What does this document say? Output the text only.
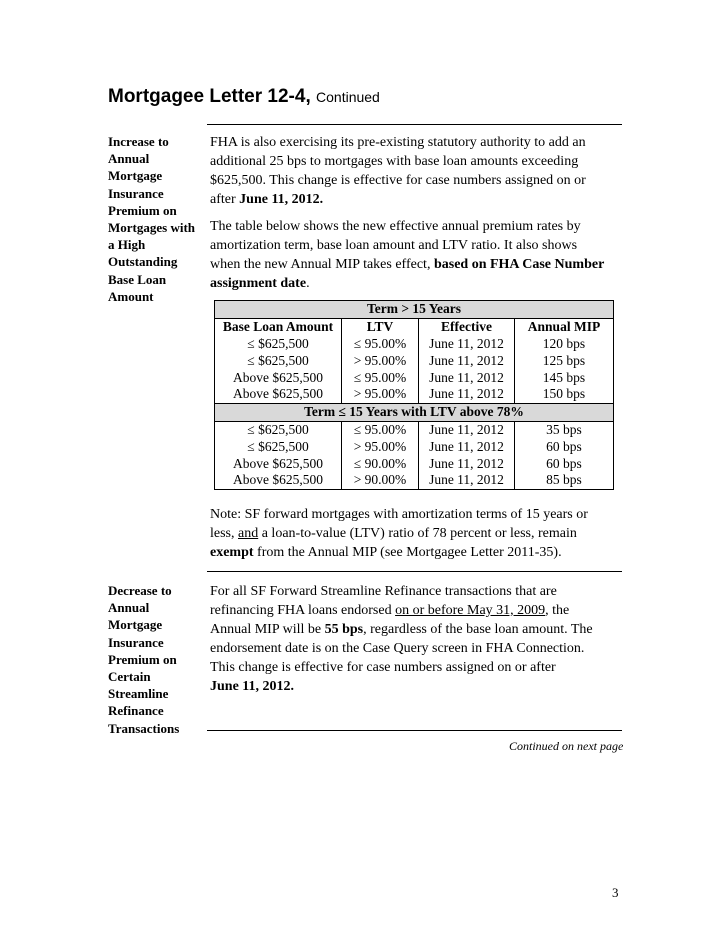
Mortgagee Letter 12-4, Continued
Increase to
Annual
Mortgage
Insurance
Premium on
Mortgages with
a High
Outstanding
Base Loan
Amount
FHA is also exercising its pre-existing statutory authority to add an
additional 25 bps to mortgages with base loan amounts exceeding
$625,500. This change is effective for case numbers assigned on or
after June 11, 2012.
The table below shows the new effective annual premium rates by
amortization term, base loan amount and LTV ratio. It also shows
when the new Annual MIP takes effect, based on FHA Case Number
assignment date.
Term > 15 Years			
Base Loan Amount	LTV	Effective	Annual MIP
≤ $625,500	≤ 95.00%	June 11, 2012	120 bps
≤ $625,500	> 95.00%	June 11, 2012	125 bps
Above $625,500	≤ 95.00%	June 11, 2012	145 bps
Above $625,500	> 95.00%	June 11, 2012	150 bps
Term ≤ 15 Years with LTV above 78%			
≤ $625,500	≤ 95.00%	June 11, 2012	35 bps
≤ $625,500	> 95.00%	June 11, 2012	60 bps
Above $625,500	≤ 90.00%	June 11, 2012	60 bps
Above $625,500	> 90.00%	June 11, 2012	85 bps
Note: SF forward mortgages with amortization terms of 15 years or
less, and a loan-to-value (LTV) ratio of 78 percent or less, remain
exempt from the Annual MIP (see Mortgagee Letter 2011-35).
Decrease to
Annual
Mortgage
Insurance
Premium on
Certain
Streamline
Refinance
Transactions
For all SF Forward Streamline Refinance transactions that are
refinancing FHA loans endorsed on or before May 31, 2009, the
Annual MIP will be 55 bps, regardless of the base loan amount. The
endorsement date is on the Case Query screen in FHA Connection.
This change is effective for case numbers assigned on or after
June 11, 2012.
Continued on next page
3
